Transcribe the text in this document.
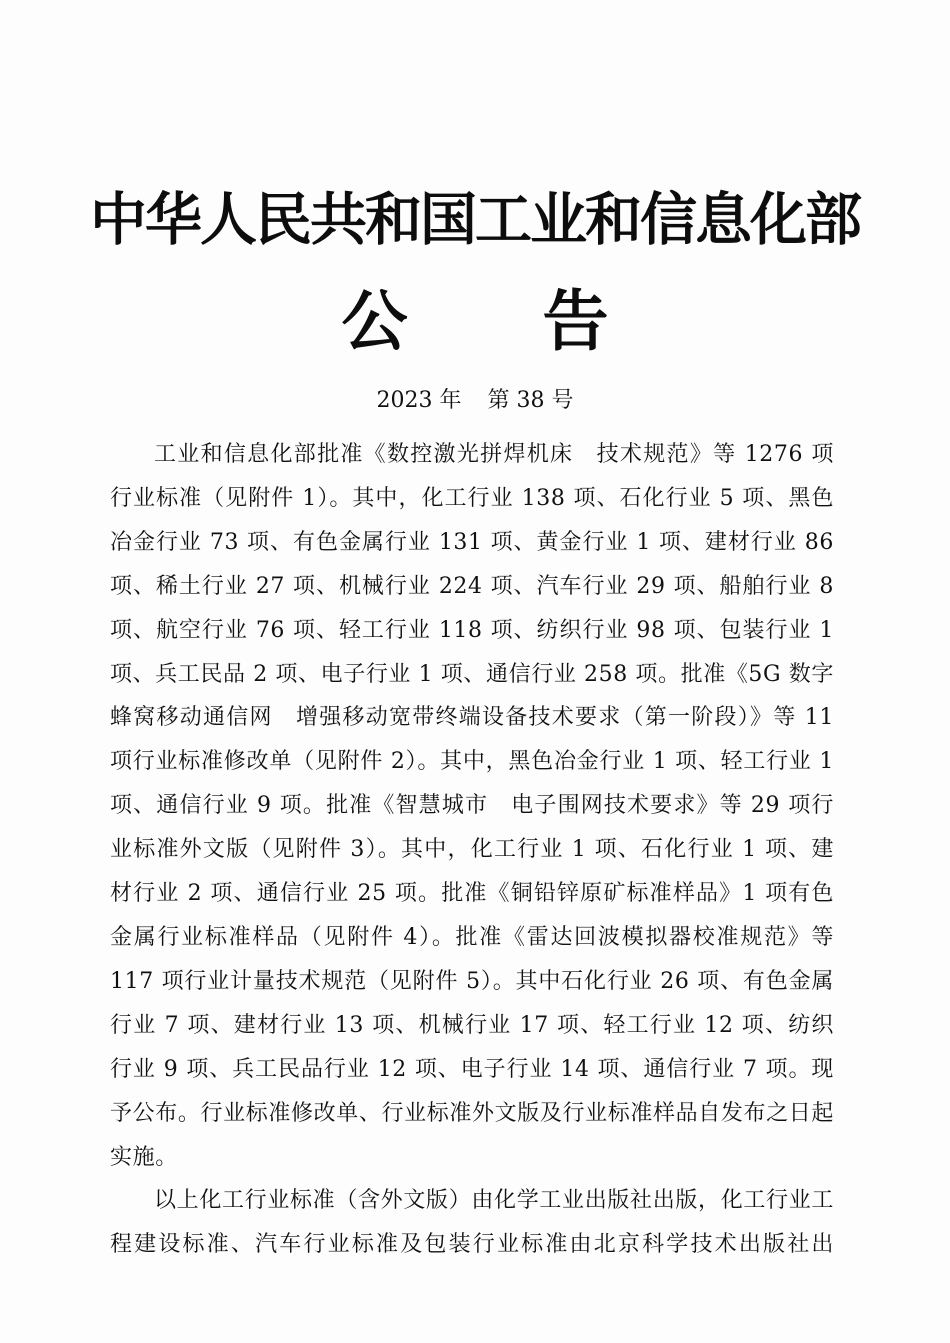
中华人民共和国工业和信息化部
公 告
2023 年 第 38 号

工业和信息化部批准《数控激光拼焊机床　技术规范》等 1276 项行业标准（见附件 1）。其中，化工行业 138 项、石化行业 5 项、黑色冶金行业 73 项、有色金属行业 131 项、黄金行业 1 项、建材行业 86 项、稀土行业 27 项、机械行业 224 项、汽车行业 29 项、船舶行业 8 项、航空行业 76 项、轻工行业 118 项、纺织行业 98 项、包装行业 1 项、兵工民品 2 项、电子行业 1 项、通信行业 258 项。批准《5G 数字蜂窝移动通信网　增强移动宽带终端设备技术要求（第一阶段）》等 11 项行业标准修改单（见附件 2）。其中，黑色冶金行业 1 项、轻工行业 1 项、通信行业 9 项。批准《智慧城市　电子围网技术要求》等 29 项行业标准外文版（见附件 3）。其中，化工行业 1 项、石化行业 1 项、建材行业 2 项、通信行业 25 项。批准《铜铅锌原矿标准样品》1 项有色金属行业标准样品（见附件 4）。批准《雷达回波模拟器校准规范》等 117 项行业计量技术规范（见附件 5）。其中石化行业 26 项、有色金属行业 7 项、建材行业 13 项、机械行业 17 项、轻工行业 12 项、纺织行业 9 项、兵工民品行业 12 项、电子行业 14 项、通信行业 7 项。现予公布。行业标准修改单、行业标准外文版及行业标准样品自发布之日起实施。

以上化工行业标准（含外文版）由化学工业出版社出版，化工行业工程建设标准、汽车行业标准及包装行业标准由北京科学技术出版社出
